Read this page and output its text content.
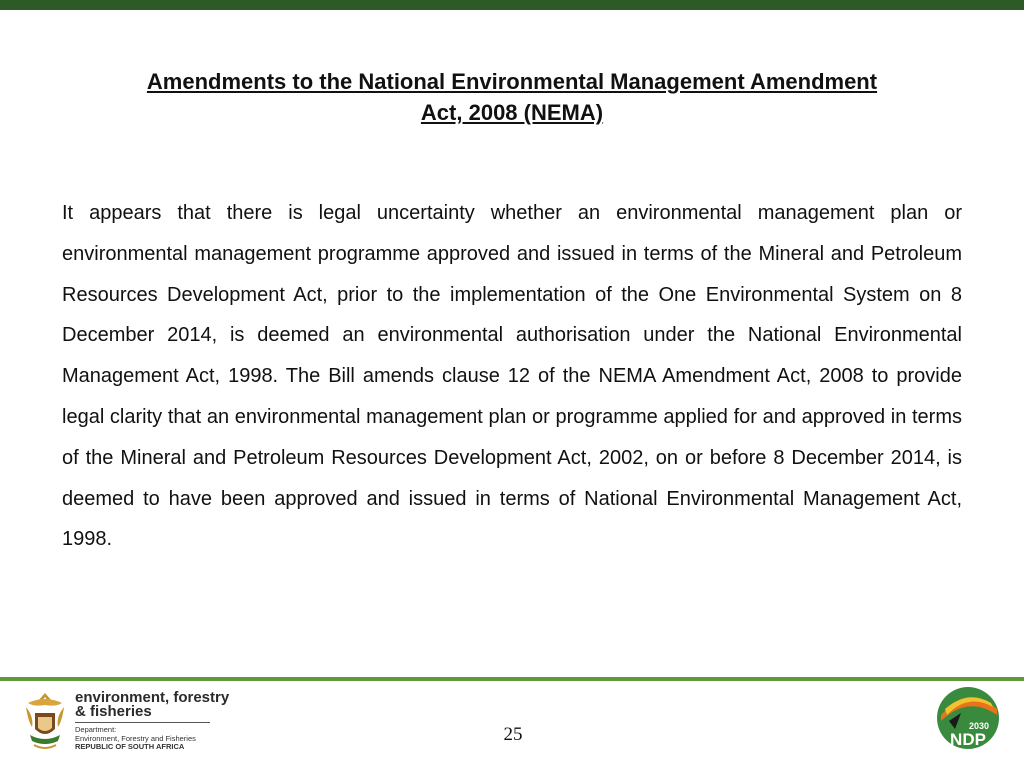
Amendments to the National Environmental Management Amendment
Act, 2008 (NEMA)
It appears that there is legal uncertainty whether an environmental management plan or environmental management programme approved and issued in terms of the Mineral and Petroleum Resources Development Act, prior to the implementation of the One Environmental System on 8 December 2014, is deemed an environmental authorisation under the National Environmental Management Act, 1998. The Bill amends clause 12 of the NEMA Amendment Act, 2008 to provide legal clarity that an environmental management plan or programme applied for and approved in terms of the Mineral and Petroleum Resources Development Act, 2002, on or before 8 December 2014, is deemed to have been approved and issued in terms of National Environmental Management Act, 1998.
environment, forestry
& fisheries
Department:
Environment, Forestry and Fisheries
REPUBLIC OF SOUTH AFRICA
25	2030
NDP
